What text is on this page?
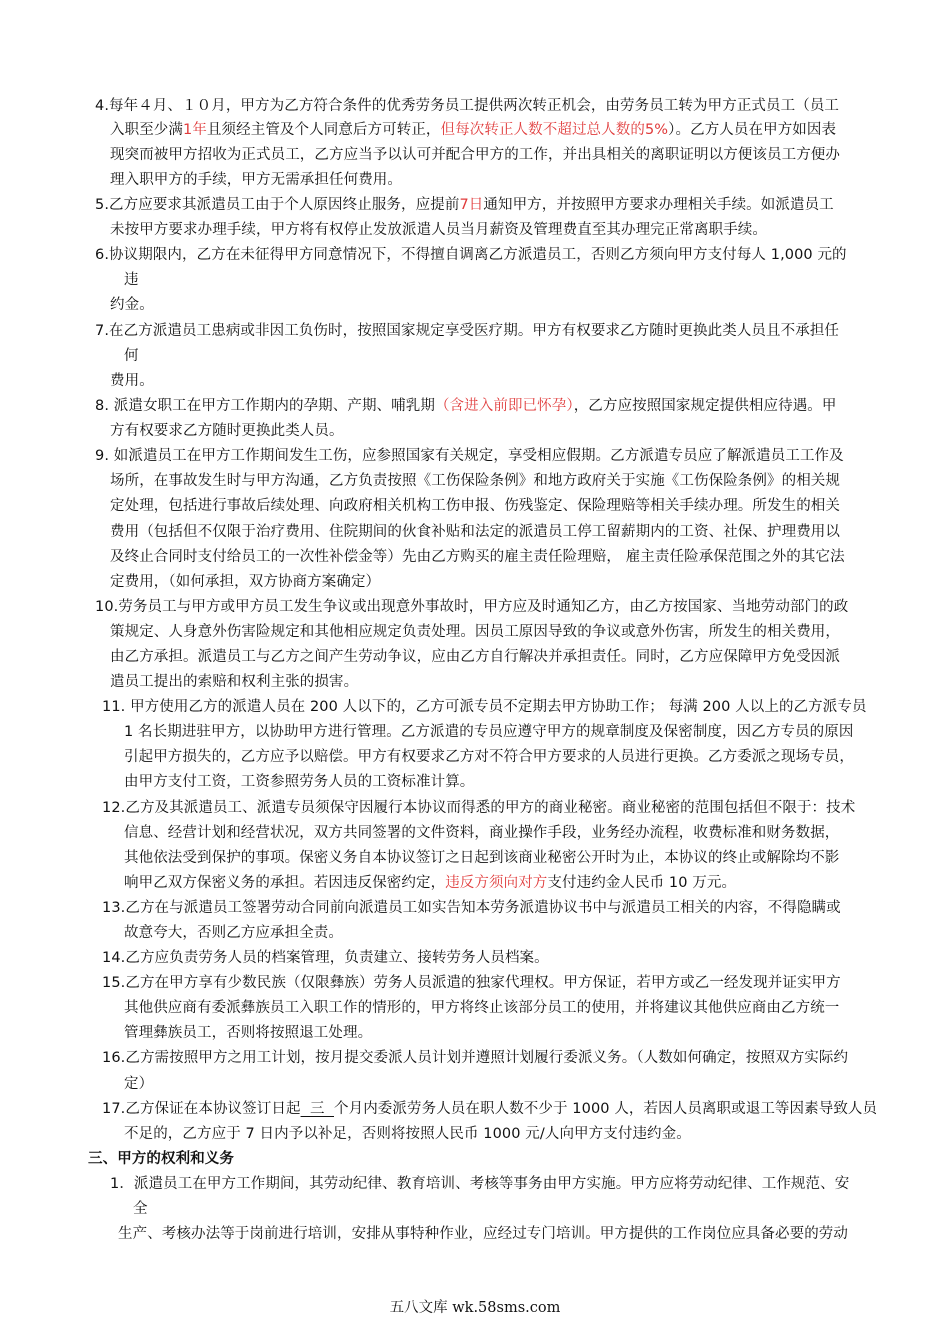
4.每年４月、１０月，甲方为乙方符合条件的优秀劳务员工提供两次转正机会，由劳务员工转为甲方正式员工（员工
入职至少满1年且须经主管及个人同意后方可转正，但每次转正人数不超过总人数的5%）。乙方人员在甲方如因表
现突而被甲方招收为正式员工，乙方应当予以认可并配合甲方的工作，并出具相关的离职证明以方便该员工方便办
理入职甲方的手续，甲方无需承担任何费用。
5.乙方应要求其派遣员工由于个人原因终止服务，应提前7日通知甲方，并按照甲方要求办理相关手续。如派遣员工
未按甲方要求办理手续，甲方将有权停止发放派遣人员当月薪资及管理费直至其办理完正常离职手续。
6.协议期限内，乙方在未征得甲方同意情况下，不得擅自调离乙方派遣员工，否则乙方须向甲方支付每人 1,000 元的
违
约金。
7.在乙方派遣员工患病或非因工负伤时，按照国家规定享受医疗期。甲方有权要求乙方随时更换此类人员且不承担任
何
费用。
8. 派遣女职工在甲方工作期内的孕期、产期、哺乳期（含进入前即已怀孕），乙方应按照国家规定提供相应待遇。甲
方有权要求乙方随时更换此类人员。
9. 如派遣员工在甲方工作期间发生工伤，应参照国家有关规定，享受相应假期。乙方派遣专员应了解派遣员工工作及
场所，在事故发生时与甲方沟通，乙方负责按照《工伤保险条例》和地方政府关于实施《工伤保险条例》的相关规
定处理，包括进行事故后续处理、向政府相关机构工伤申报、伤残鉴定、保险理赔等相关手续办理。所发生的相关
费用（包括但不仅限于治疗费用、住院期间的伙食补贴和法定的派遣员工停工留薪期内的工资、社保、护理费用以
及终止合同时支付给员工的一次性补偿金等）先由乙方购买的雇主责任险理赔， 雇主责任险承保范围之外的其它法
定费用，（如何承担，双方协商方案确定）
10.劳务员工与甲方或甲方员工发生争议或出现意外事故时，甲方应及时通知乙方，由乙方按国家、当地劳动部门的政
策规定、人身意外伤害险规定和其他相应规定负责处理。因员工原因导致的争议或意外伤害，所发生的相关费用，
由乙方承担。派遣员工与乙方之间产生劳动争议，应由乙方自行解决并承担责任。同时，乙方应保障甲方免受因派
遣员工提出的索赔和权利主张的损害。
11. 甲方使用乙方的派遣人员在 200 人以下的，乙方可派专员不定期去甲方协助工作； 每满 200 人以上的乙方派专员
1 名长期进驻甲方，以协助甲方进行管理。乙方派遣的专员应遵守甲方的规章制度及保密制度，因乙方专员的原因
引起甲方损失的，乙方应予以赔偿。甲方有权要求乙方对不符合甲方要求的人员进行更换。乙方委派之现场专员，
由甲方支付工资，工资参照劳务人员的工资标准计算。
12.乙方及其派遣员工、派遣专员须保守因履行本协议而得悉的甲方的商业秘密。商业秘密的范围包括但不限于：技术
信息、经营计划和经营状况，双方共同签署的文件资料，商业操作手段，业务经办流程，收费标准和财务数据，
其他依法受到保护的事项。保密义务自本协议签订之日起到该商业秘密公开时为止，本协议的终止或解除均不影
响甲乙双方保密义务的承担。若因违反保密约定，违反方须向对方支付违约金人民币 10 万元。
13.乙方在与派遣员工签署劳动合同前向派遣员工如实告知本劳务派遣协议书中与派遣员工相关的内容，不得隐瞒或
故意夸大，否则乙方应承担全责。
14.乙方应负责劳务人员的档案管理，负责建立、接转劳务人员档案。
15.乙方在甲方享有少数民族（仅限彝族）劳务人员派遣的独家代理权。甲方保证，若甲方或乙一经发现并证实甲方
其他供应商有委派彝族员工入职工作的情形的，甲方将终止该部分员工的使用，并将建议其他供应商由乙方统一
管理彝族员工，否则将按照退工处理。
16.乙方需按照甲方之用工计划，按月提交委派人员计划并遵照计划履行委派义务。（人数如何确定，按照双方实际约
定）
17.乙方保证在本协议签订日起  三  个月内委派劳务人员在职人数不少于 1000 人，若因人员离职或退工等因素导致人员
不足的，乙方应于 7 日内予以补足，否则将按照人民币 1000 元/人向甲方支付违约金。
三、甲方的权利和义务
1．派遣员工在甲方工作期间，其劳动纪律、教育培训、考核等事务由甲方实施。甲方应将劳动纪律、工作规范、安
全
生产、考核办法等于岗前进行培训，安排从事特种作业，应经过专门培训。甲方提供的工作岗位应具备必要的劳动
五八文库 wk.58sms.com
